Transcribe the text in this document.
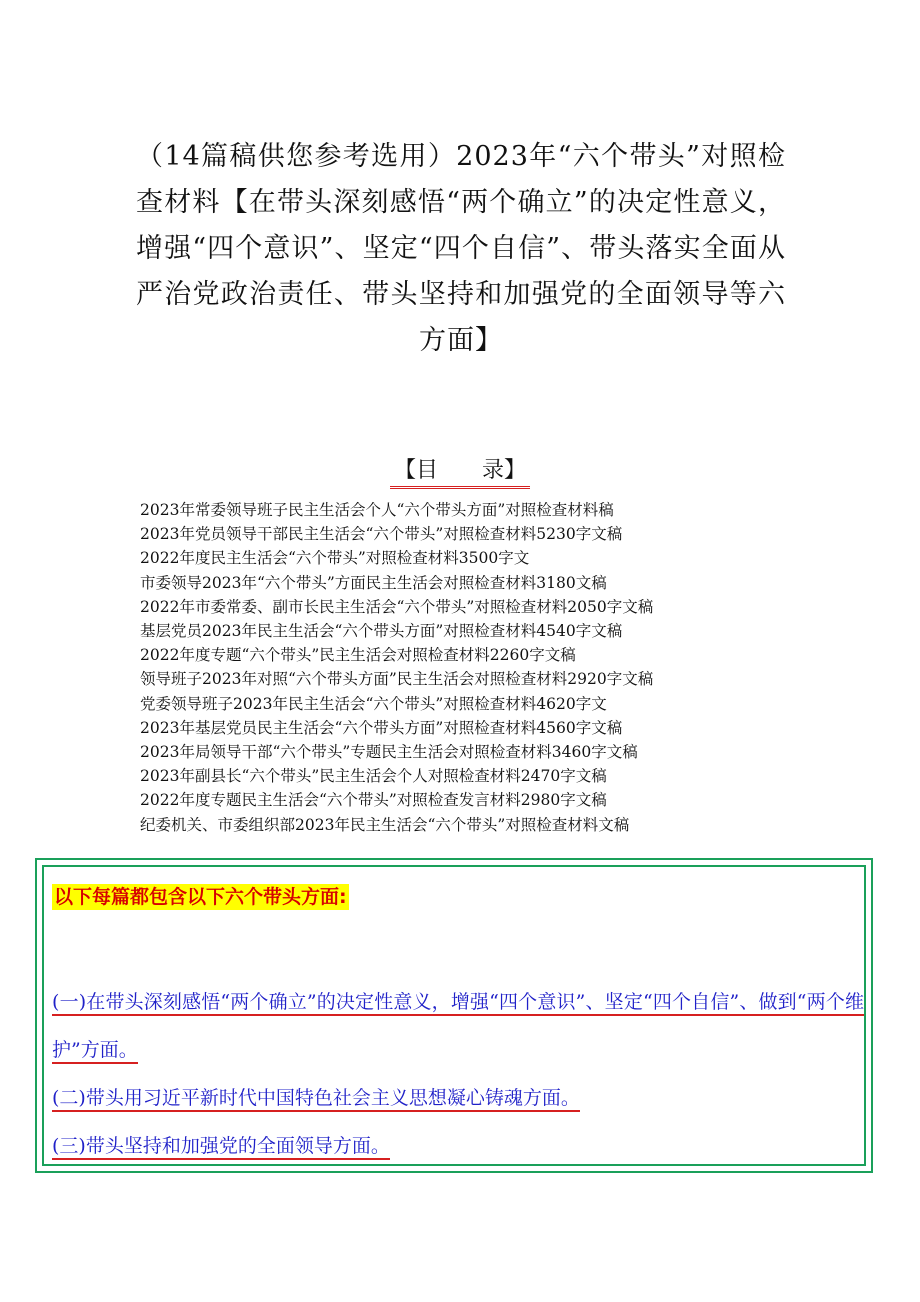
（14篇稿供您参考选用）2023年“六个带头”对照检查材料【在带头深刻感悟“两个确立”的决定性意义，增强“四个意识”、坚定“四个自信”、带头落实全面从严治党政治责任、带头坚持和加强党的全面领导等六方面】
【目　　录】
2023年常委领导班子民主生活会个人“六个带头方面”对照检查材料稿
2023年党员领导干部民主生活会“六个带头”对照检查材料5230字文稿
2022年度民主生活会“六个带头”对照检查材料3500字文
市委领导2023年“六个带头”方面民主生活会对照检查材料3180文稿
2022年市委常委、副市长民主生活会“六个带头”对照检查材料2050字文稿
基层党员2023年民主生活会“六个带头方面”对照检查材料4540字文稿
2022年度专题“六个带头”民主生活会对照检查材料2260字文稿
领导班子2023年对照“六个带头方面”民主生活会对照检查材料2920字文稿
党委领导班子2023年民主生活会“六个带头”对照检查材料4620字文
2023年基层党员民主生活会“六个带头方面”对照检查材料4560字文稿
2023年局领导干部“六个带头”专题民主生活会对照检查材料3460字文稿
2023年副县长“六个带头”民主生活会个人对照检查材料2470字文稿
2022年度专题民主生活会“六个带头”对照检查发言材料2980字文稿
纪委机关、市委组织部2023年民主生活会“六个带头”对照检查材料文稿

以下每篇都包含以下六个带头方面:

(一)在带头深刻感悟“两个确立”的决定性意义，增强“四个意识”、坚定“四个自信”、做到“两个维护”方面。

(二)带头用习近平新时代中国特色社会主义思想凝心铸魂方面。

(三)带头坚持和加强党的全面领导方面。
